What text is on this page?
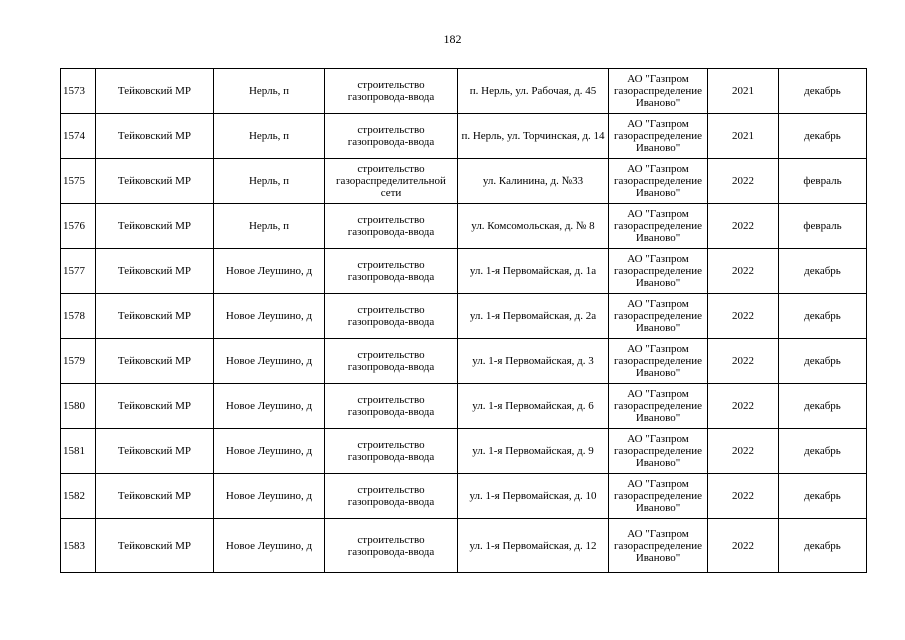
182
1573	Тейковский МР	Нерль, п	строительство газопровода-ввода	п. Нерль, ул. Рабочая, д. 45	АО "Газпром газораспределение Иваново"	2021	декабрь
1574	Тейковский МР	Нерль, п	строительство газопровода-ввода	п. Нерль, ул. Торчинская, д. 14	АО "Газпром газораспределение Иваново"	2021	декабрь
1575	Тейковский МР	Нерль, п	строительство газораспределительной сети	ул. Калинина, д. №33	АО "Газпром газораспределение Иваново"	2022	февраль
1576	Тейковский МР	Нерль, п	строительство газопровода-ввода	ул. Комсомольская, д. № 8	АО "Газпром газораспределение Иваново"	2022	февраль
1577	Тейковский МР	Новое Леушино, д	строительство газопровода-ввода	ул. 1-я Первомайская, д. 1а	АО "Газпром газораспределение Иваново"	2022	декабрь
1578	Тейковский МР	Новое Леушино, д	строительство газопровода-ввода	ул. 1-я Первомайская, д. 2а	АО "Газпром газораспределение Иваново"	2022	декабрь
1579	Тейковский МР	Новое Леушино, д	строительство газопровода-ввода	ул. 1-я Первомайская, д. 3	АО "Газпром газораспределение Иваново"	2022	декабрь
1580	Тейковский МР	Новое Леушино, д	строительство газопровода-ввода	ул. 1-я Первомайская, д. 6	АО "Газпром газораспределение Иваново"	2022	декабрь
1581	Тейковский МР	Новое Леушино, д	строительство газопровода-ввода	ул. 1-я Первомайская, д. 9	АО "Газпром газораспределение Иваново"	2022	декабрь
1582	Тейковский МР	Новое Леушино, д	строительство газопровода-ввода	ул. 1-я Первомайская, д. 10	АО "Газпром газораспределение Иваново"	2022	декабрь
1583	Тейковский МР	Новое Леушино, д	строительство газопровода-ввода	ул. 1-я Первомайская, д. 12	АО "Газпром газораспределение Иваново"	2022	декабрь
